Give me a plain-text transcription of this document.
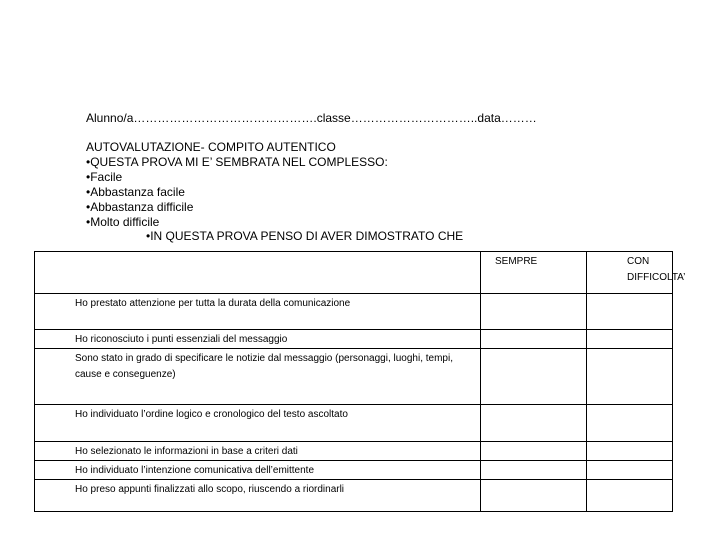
Alunno/a……………………………………….classe…………………………..data………
AUTOVALUTAZIONE- COMPITO AUTENTICO
•QUESTA PROVA MI E’ SEMBRATA NEL COMPLESSO:
•Facile
•Abbastanza facile
•Abbastanza difficile
•Molto difficile
•IN QUESTA PROVA PENSO DI AVER DIMOSTRATO CHE
	SEMPRE	CON
DIFFICOLTA’

Ho prestato attenzione per tutta la durata della comunicazione		
Ho riconosciuto i punti essenziali del messaggio		
Sono stato in grado di specificare le notizie dal messaggio (personaggi, luoghi, tempi, cause e conseguenze)		
Ho individuato l’ordine logico e cronologico del testo ascoltato		
Ho selezionato le informazioni in base a criteri dati		
Ho individuato l’intenzione comunicativa dell’emittente		
Ho preso appunti finalizzati allo scopo, riuscendo a riordinarli		
